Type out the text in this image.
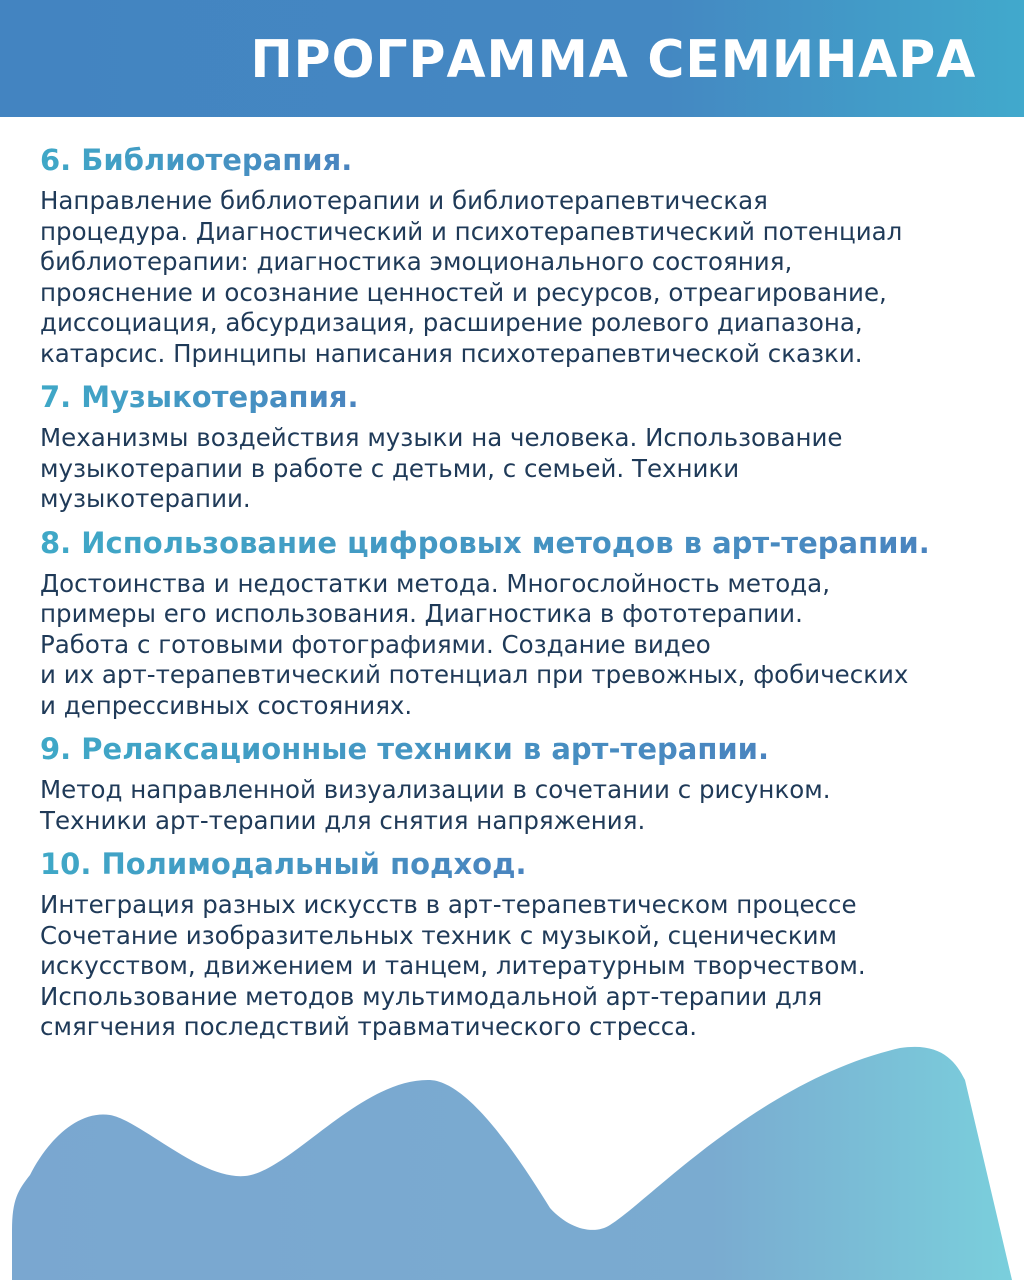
ПРОГРАММА СЕМИНАРА
6. Библиотерапия.
Направление библиотерапии и библиотерапевтическая
процедура. Диагностический и психотерапевтический потенциал
библиотерапии: диагностика эмоционального состояния,
прояснение и осознание ценностей и ресурсов, отреагирование,
диссоциация, абсурдизация, расширение ролевого диапазона,
катарсис. Принципы написания психотерапевтической сказки.
7. Музыкотерапия.
Механизмы воздействия музыки на человека. Использование
музыкотерапии в работе с детьми, с семьей. Техники
музыкотерапии.
8. Использование цифровых методов в арт-терапии.
Достоинства и недостатки метода. Многослойность метода,
примеры его использования. Диагностика в фототерапии.
Работа с готовыми фотографиями. Создание видео
и их арт-терапевтический потенциал при тревожных, фобических
и депрессивных состояниях.
9. Релаксационные техники в арт-терапии.
Метод направленной визуализации в сочетании с рисунком.
Техники арт-терапии для снятия напряжения.
10. Полимодальный подход.
Интеграция разных искусств в арт-терапевтическом процессе
Сочетание изобразительных техник с музыкой, сценическим
искусством, движением и танцем, литературным творчеством.
Использование методов мультимодальной арт-терапии для
смягчения последствий травматического стресса.
